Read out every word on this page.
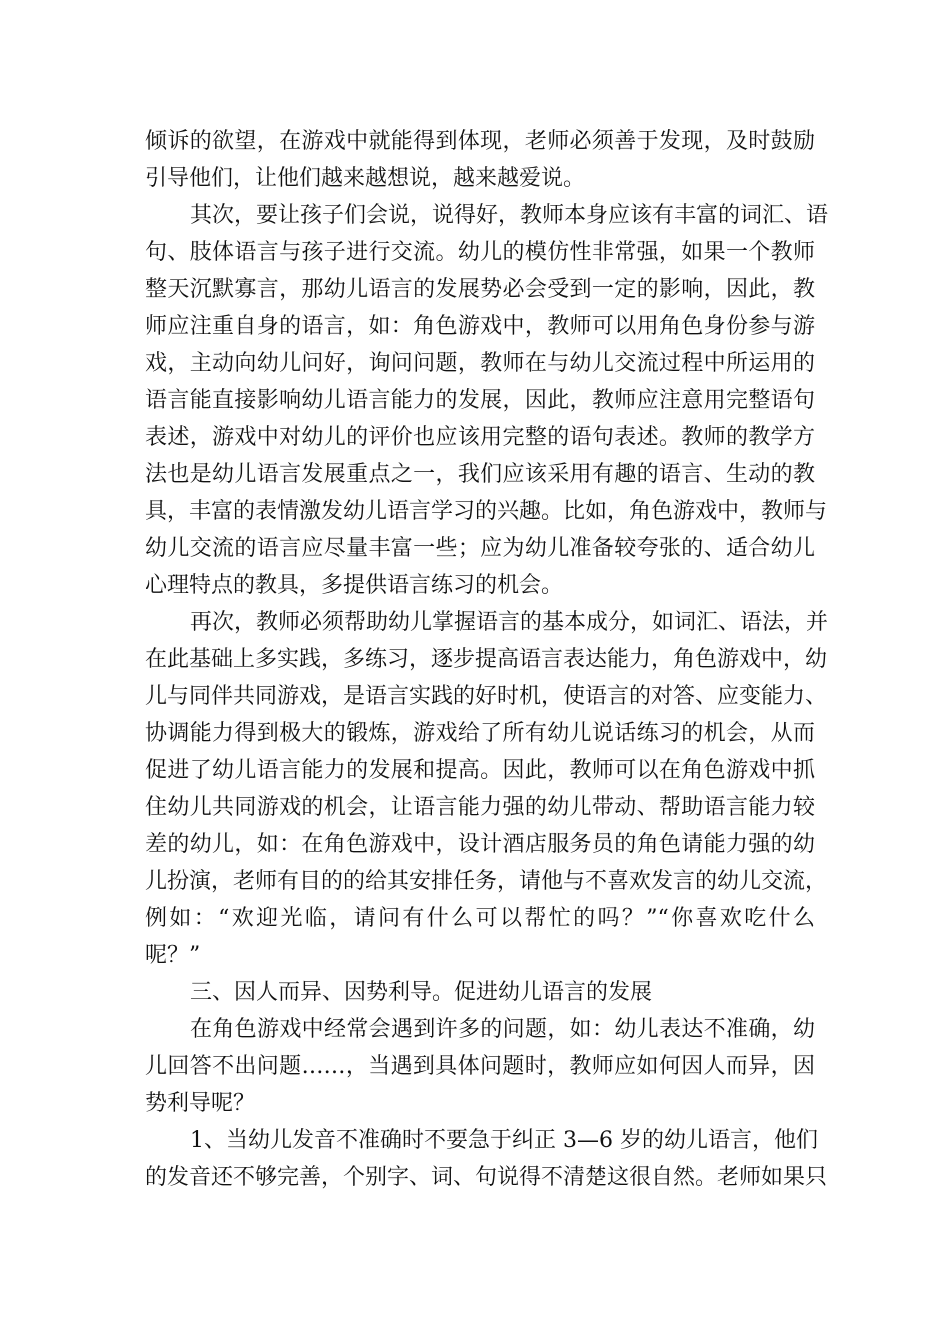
倾诉的欲望，在游戏中就能得到体现，老师必须善于发现，及时鼓励
引导他们，让他们越来越想说，越来越爱说。
其次，要让孩子们会说，说得好，教师本身应该有丰富的词汇、语
句、肢体语言与孩子进行交流。幼儿的模仿性非常强，如果一个教师
整天沉默寡言，那幼儿语言的发展势必会受到一定的影响，因此，教
师应注重自身的语言，如：角色游戏中，教师可以用角色身份参与游
戏，主动向幼儿问好，询问问题，教师在与幼儿交流过程中所运用的
语言能直接影响幼儿语言能力的发展，因此，教师应注意用完整语句
表述，游戏中对幼儿的评价也应该用完整的语句表述。教师的教学方
法也是幼儿语言发展重点之一，我们应该采用有趣的语言、生动的教
具，丰富的表情激发幼儿语言学习的兴趣。比如，角色游戏中，教师与
幼儿交流的语言应尽量丰富一些；应为幼儿准备较夸张的、适合幼儿
心理特点的教具，多提供语言练习的机会。
再次，教师必须帮助幼儿掌握语言的基本成分，如词汇、语法，并
在此基础上多实践，多练习，逐步提高语言表达能力，角色游戏中，幼
儿与同伴共同游戏，是语言实践的好时机，使语言的对答、应变能力、
协调能力得到极大的锻炼，游戏给了所有幼儿说话练习的机会，从而
促进了幼儿语言能力的发展和提高。因此，教师可以在角色游戏中抓
住幼儿共同游戏的机会，让语言能力强的幼儿带动、帮助语言能力较
差的幼儿，如：在角色游戏中，设计酒店服务员的角色请能力强的幼
儿扮演，老师有目的的给其安排任务，请他与不喜欢发言的幼儿交流，
例如：“欢迎光临，请问有什么可以帮忙的吗？”“你喜欢吃什么
呢？”
三、因人而异、因势利导。促进幼儿语言的发展
在角色游戏中经常会遇到许多的问题，如：幼儿表达不准确，幼
儿回答不出问题……，当遇到具体问题时，教师应如何因人而异，因
势利导呢？
1、当幼儿发音不准确时不要急于纠正 3—6 岁的幼儿语言，他们
的发音还不够完善，个别字、词、句说得不清楚这很自然。老师如果只
